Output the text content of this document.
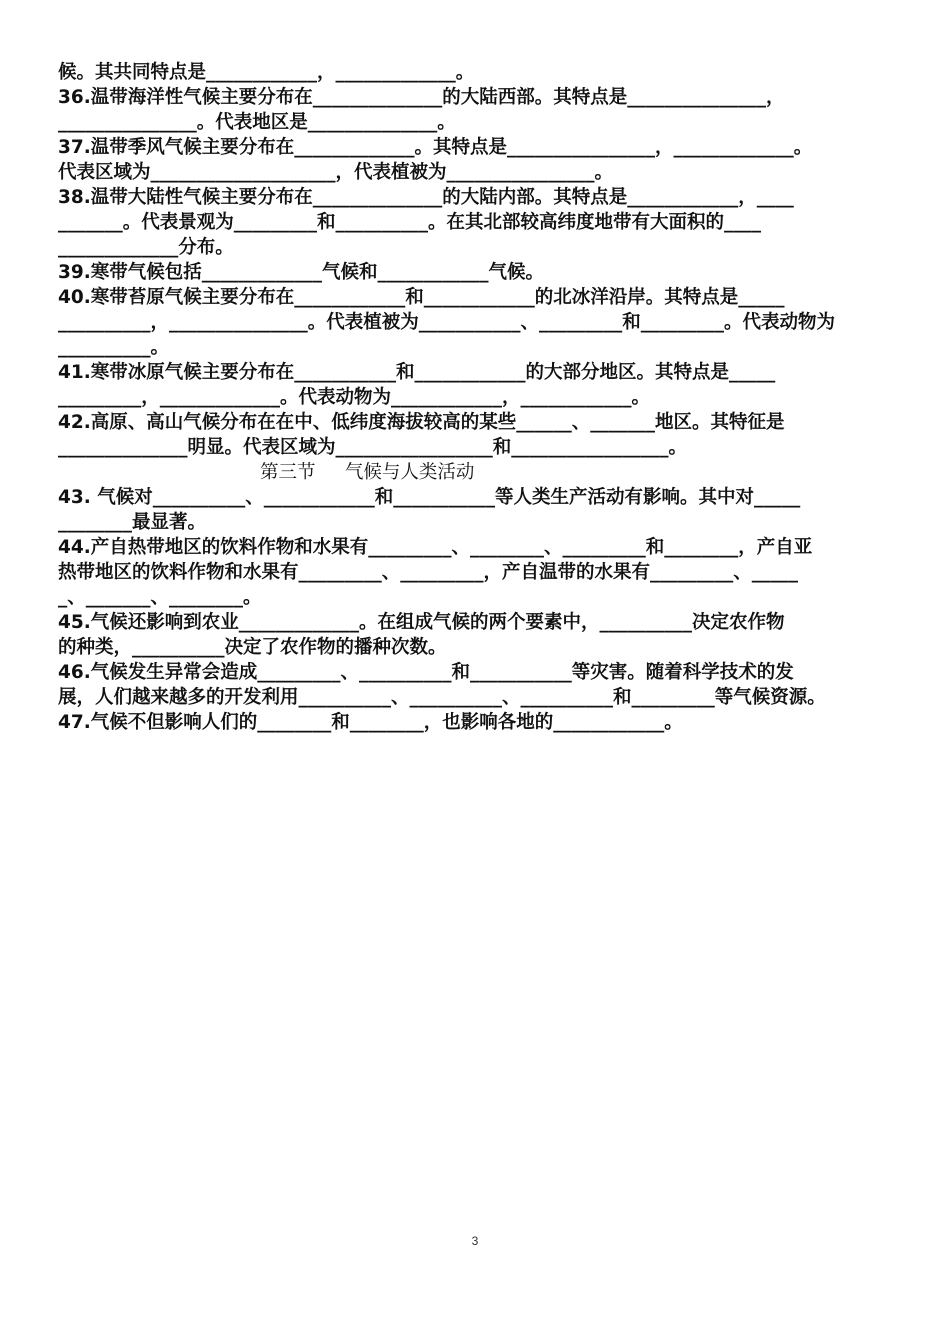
候。其共同特点是____________，_____________。
36.温带海洋性气候主要分布在______________的大陆西部。其特点是_______________，
_______________。代表地区是______________。
37.温带季风气候主要分布在_____________。其特点是________________，_____________。
代表区域为____________________，代表植被为________________。
38.温带大陆性气候主要分布在______________的大陆内部。其特点是____________，____
_______。代表景观为_________和__________。在其北部较高纬度地带有大面积的____
_____________分布。
39.寒带气候包括_____________气候和____________气候。
40.寒带苔原气候主要分布在____________和____________的北冰洋沿岸。其特点是_____
__________，_______________。代表植被为___________、_________和_________。代表动物为
__________。
41.寒带冰原气候主要分布在___________和____________的大部分地区。其特点是_____
_________，_____________。代表动物为____________，____________。
42.高原、高山气候分布在在中、低纬度海拔较高的某些______、_______地区。其特征是
______________明显。代表区域为_________________和_________________。
第三节     气候与人类活动
43. 气候对__________、____________和___________等人类生产活动有影响。其中对_____
________最显著。
44.产自热带地区的饮料作物和水果有_________、________、_________和________，产自亚
热带地区的饮料作物和水果有_________、_________，产自温带的水果有_________、_____
_、_______、________。
45.气候还影响到农业_____________。在组成气候的两个要素中，__________决定农作物
的种类，__________决定了农作物的播种次数。
46.气候发生异常会造成_________、__________和___________等灾害。随着科学技术的发
展，人们越来越多的开发利用__________、__________、__________和_________等气候资源。
47.气候不但影响人们的________和________，也影响各地的____________。
3
